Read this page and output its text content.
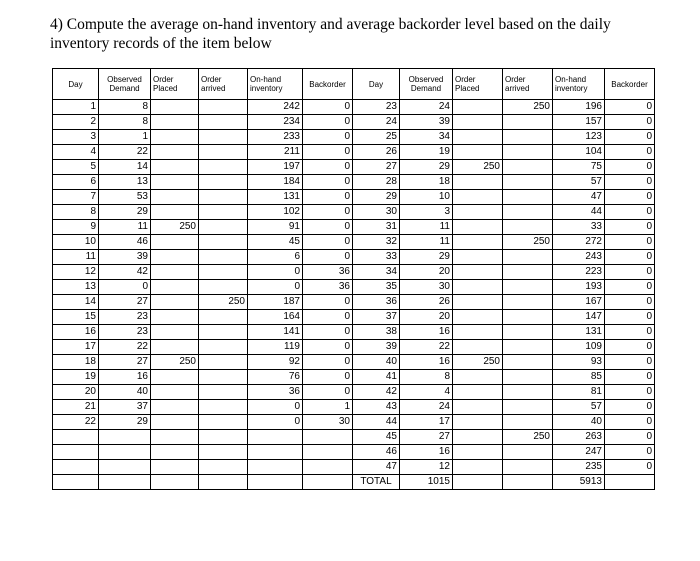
4) Compute the average on-hand inventory and average backorder level based on the daily inventory records of the item below
Day	Observed Demand	Order Placed	Order arrived	On-hand inventory	Backorder	Day	Observed Demand	Order Placed	Order arrived	On-hand inventory	Backorder
1	8			242	0	23	24		250	196	0
2	8			234	0	24	39			157	0
3	1			233	0	25	34			123	0
4	22			211	0	26	19			104	0
5	14			197	0	27	29	250		75	0
6	13			184	0	28	18			57	0
7	53			131	0	29	10			47	0
8	29			102	0	30	3			44	0
9	11	250		91	0	31	11			33	0
10	46			45	0	32	11		250	272	0
11	39			6	0	33	29			243	0
12	42			0	36	34	20			223	0
13	0			0	36	35	30			193	0
14	27		250	187	0	36	26			167	0
15	23			164	0	37	20			147	0
16	23			141	0	38	16			131	0
17	22			119	0	39	22			109	0
18	27	250		92	0	40	16	250		93	0
19	16			76	0	41	8			85	0
20	40			36	0	42	4			81	0
21	37			0	1	43	24			57	0
22	29			0	30	44	17			40	0
						45	27		250	263	0
						46	16			247	0
						47	12			235	0
						TOTAL	1015			5913	
